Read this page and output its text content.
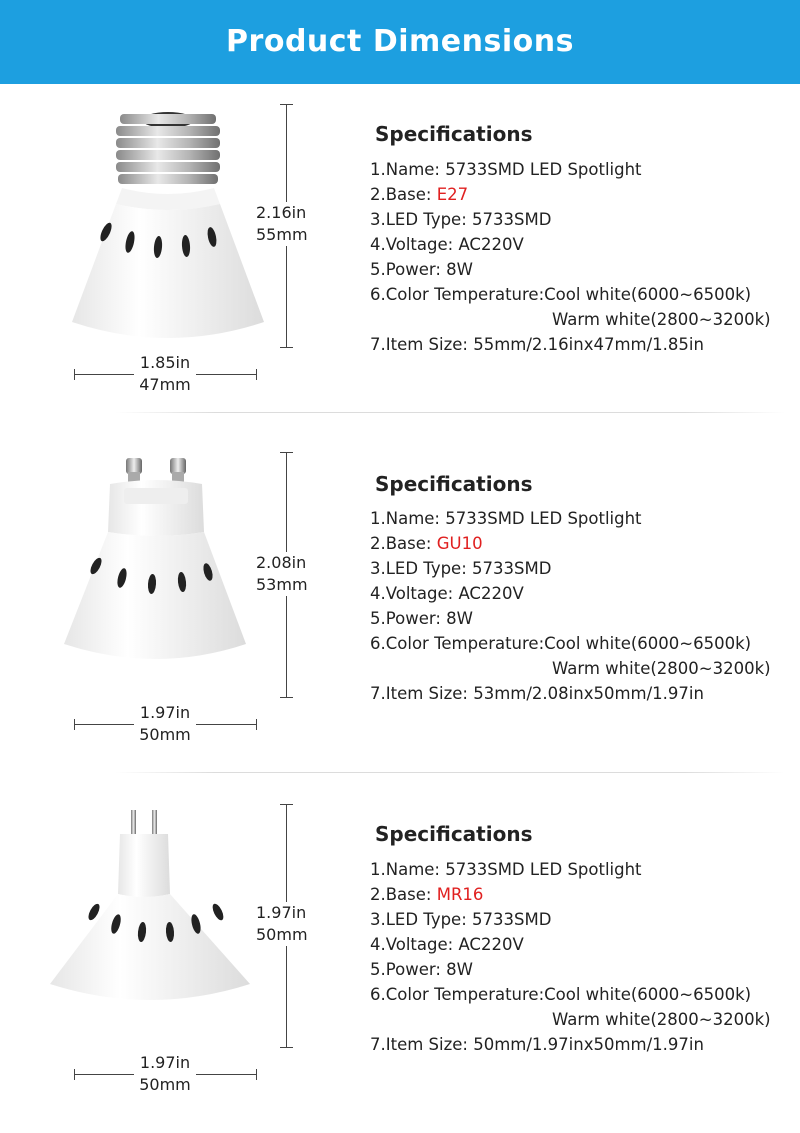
Product Dimensions
2.16in
55mm
1.85in
47mm
Specifications
1.Name: 5733SMD LED Spotlight
2.Base: E27
3.LED Type: 5733SMD
4.Voltage: AC220V
5.Power: 8W
6.Color Temperature:Cool white(6000~6500k)
Warm white(2800~3200k)
7.Item Size: 55mm/2.16inx47mm/1.85in
2.08in
53mm
1.97in
50mm
Specifications
1.Name: 5733SMD LED Spotlight
2.Base: GU10
3.LED Type: 5733SMD
4.Voltage: AC220V
5.Power: 8W
6.Color Temperature:Cool white(6000~6500k)
Warm white(2800~3200k)
7.Item Size: 53mm/2.08inx50mm/1.97in
1.97in
50mm
1.97in
50mm
Specifications
1.Name: 5733SMD LED Spotlight
2.Base: MR16
3.LED Type: 5733SMD
4.Voltage: AC220V
5.Power: 8W
6.Color Temperature:Cool white(6000~6500k)
Warm white(2800~3200k)
7.Item Size: 50mm/1.97inx50mm/1.97in
